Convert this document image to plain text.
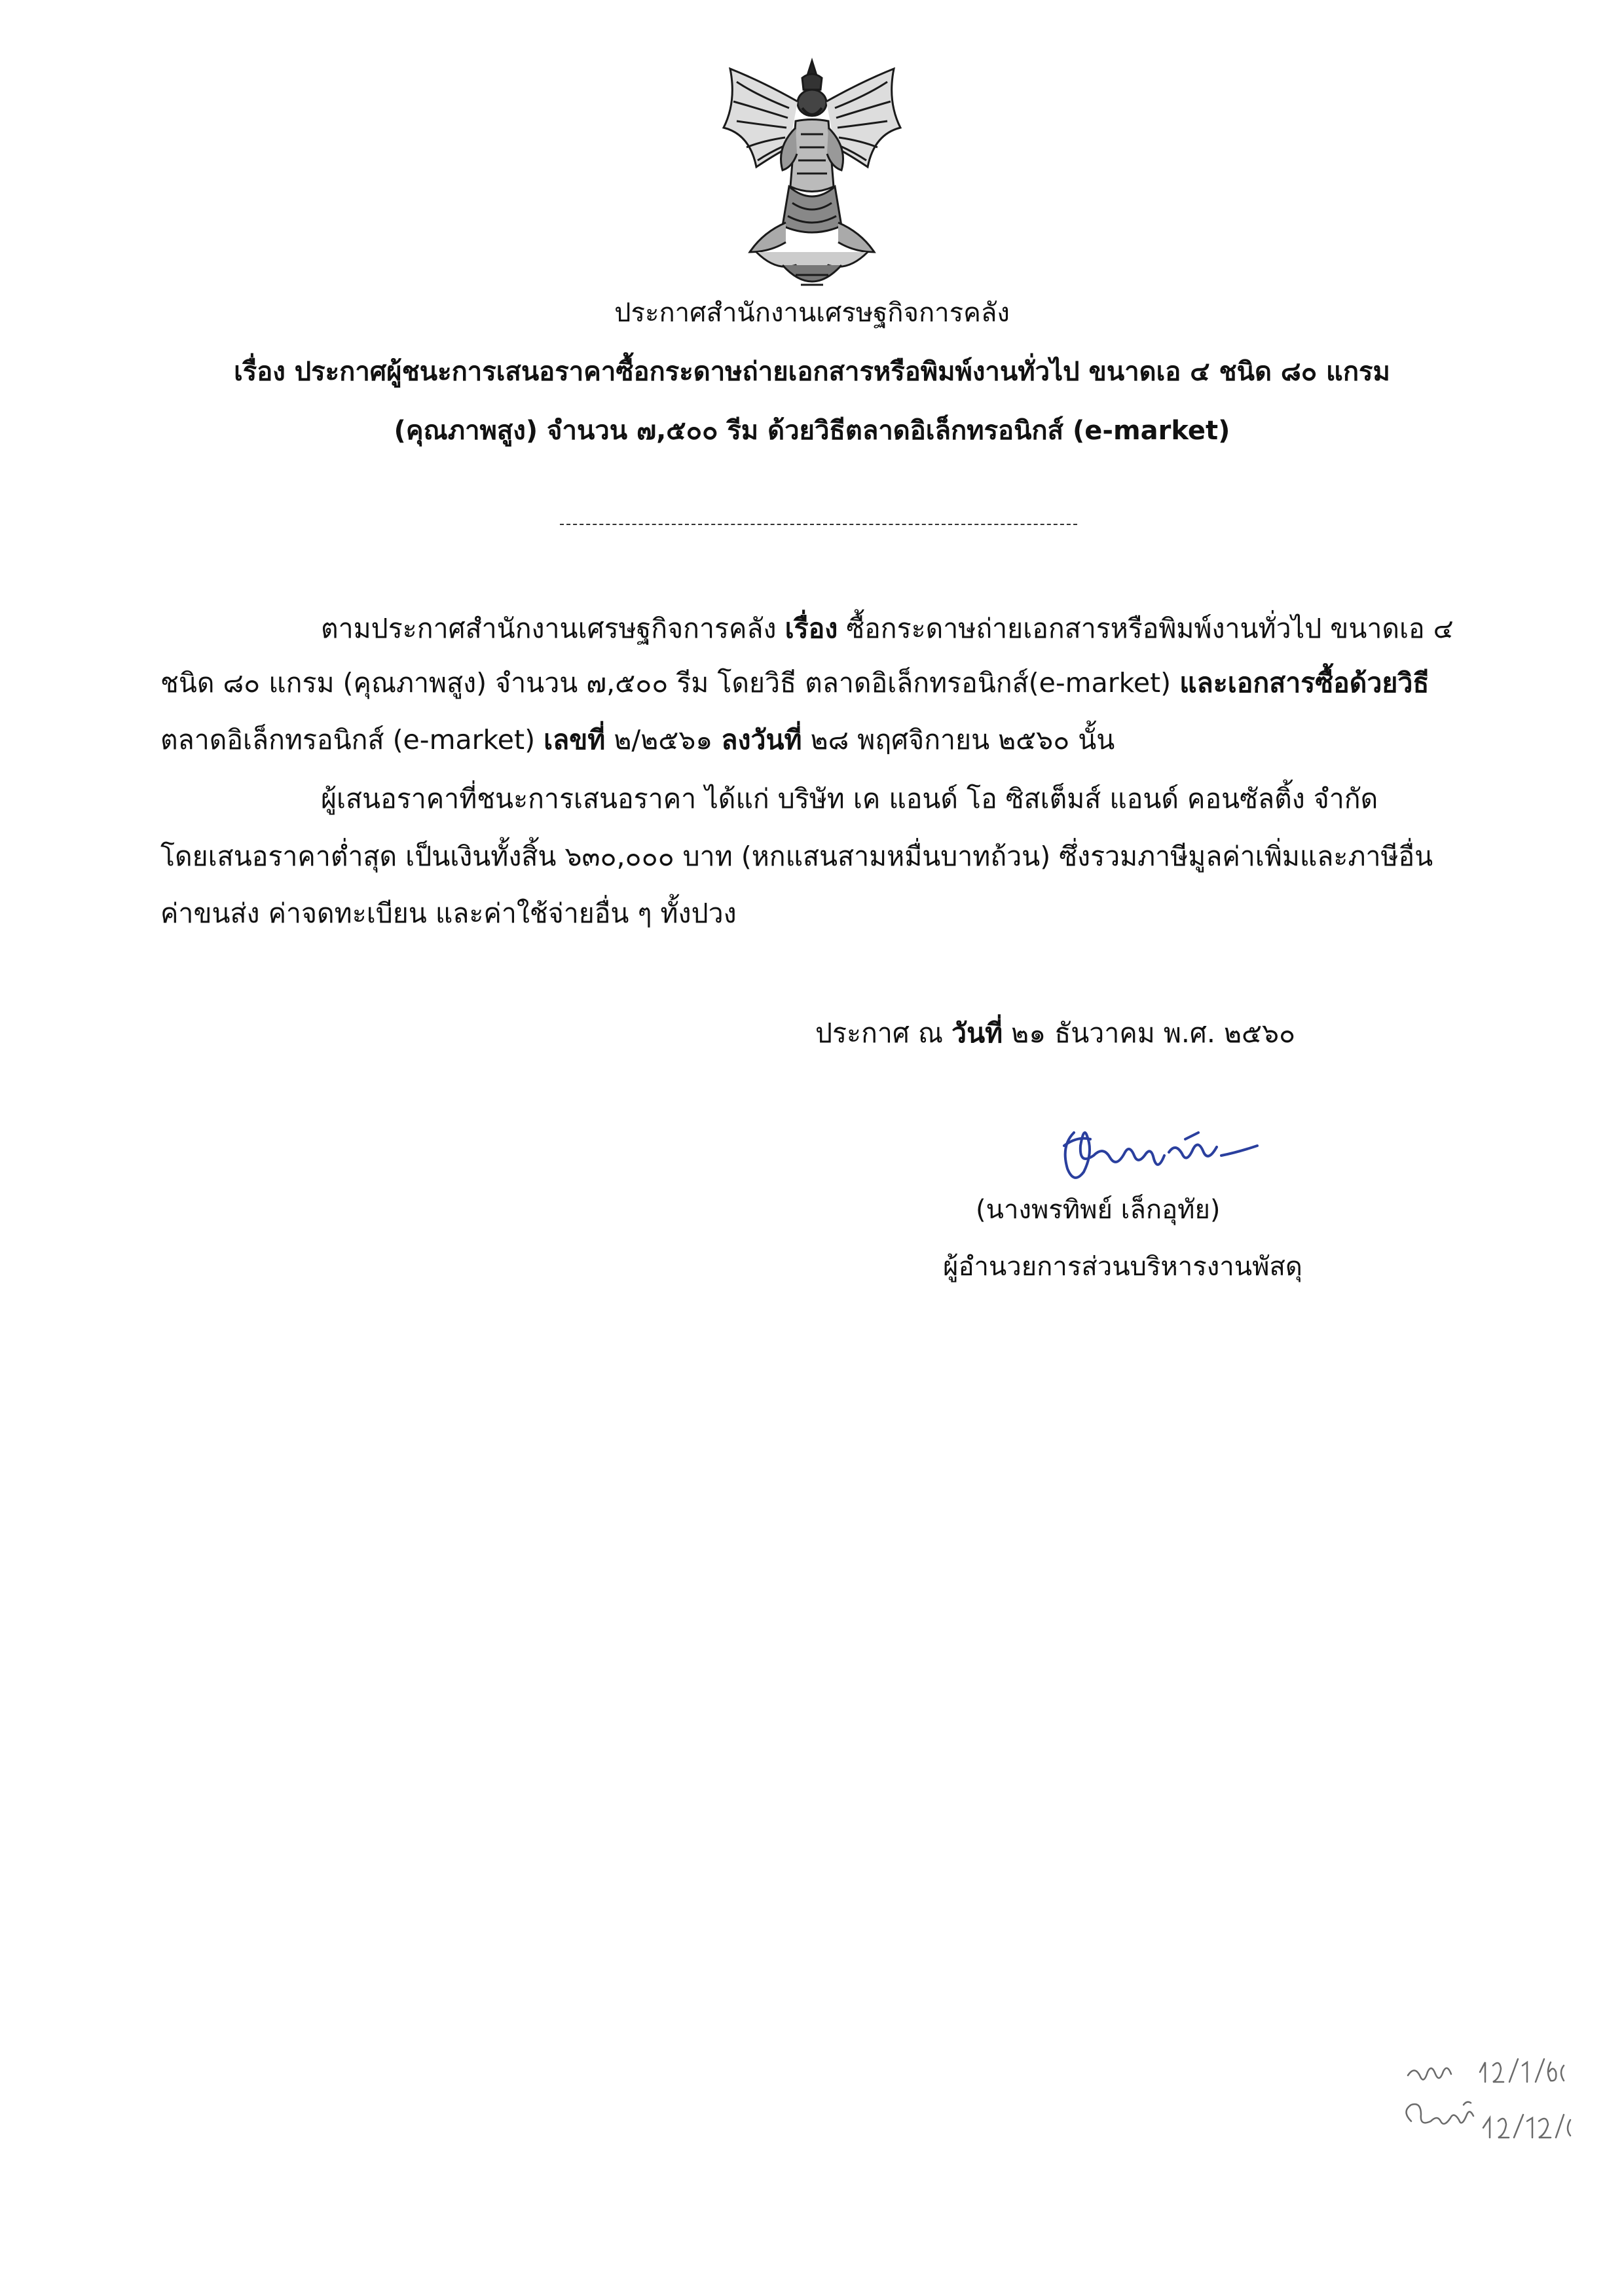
ประกาศสำนักงานเศรษฐกิจการคลัง
เรื่อง ประกาศผู้ชนะการเสนอราคาซื้อกระดาษถ่ายเอกสารหรือพิมพ์งานทั่วไป ขนาดเอ ๔ ชนิด ๘๐ แกรม
(คุณภาพสูง) จำนวน ๗,๕๐๐ รีม ด้วยวิธีตลาดอิเล็กทรอนิกส์ (e-market)
ตามประกาศสำนักงานเศรษฐกิจการคลัง เรื่อง ซื้อกระดาษถ่ายเอกสารหรือพิมพ์งานทั่วไป ขนาดเอ ๔
ชนิด ๘๐ แกรม (คุณภาพสูง) จำนวน ๗,๕๐๐ รีม โดยวิธี ตลาดอิเล็กทรอนิกส์(e-market) และเอกสารซื้อด้วยวิธี
ตลาดอิเล็กทรอนิกส์ (e-market) เลขที่ ๒/๒๕๖๑ ลงวันที่ ๒๘ พฤศจิกายน ๒๕๖๐ นั้น
ผู้เสนอราคาที่ชนะการเสนอราคา ได้แก่ บริษัท เค แอนด์ โอ ซิสเต็มส์ แอนด์ คอนซัลติ้ง จำกัด
โดยเสนอราคาต่ำสุด เป็นเงินทั้งสิ้น ๖๓๐,๐๐๐ บาท (หกแสนสามหมื่นบาทถ้วน) ซึ่งรวมภาษีมูลค่าเพิ่มและภาษีอื่น
ค่าขนส่ง ค่าจดทะเบียน และค่าใช้จ่ายอื่น ๆ ทั้งปวง
ประกาศ ณ วันที่ ๒๑ ธันวาคม พ.ศ. ๒๕๖๐
(นางพรทิพย์ เล็กอุทัย)
ผู้อำนวยการส่วนบริหารงานพัสดุ
